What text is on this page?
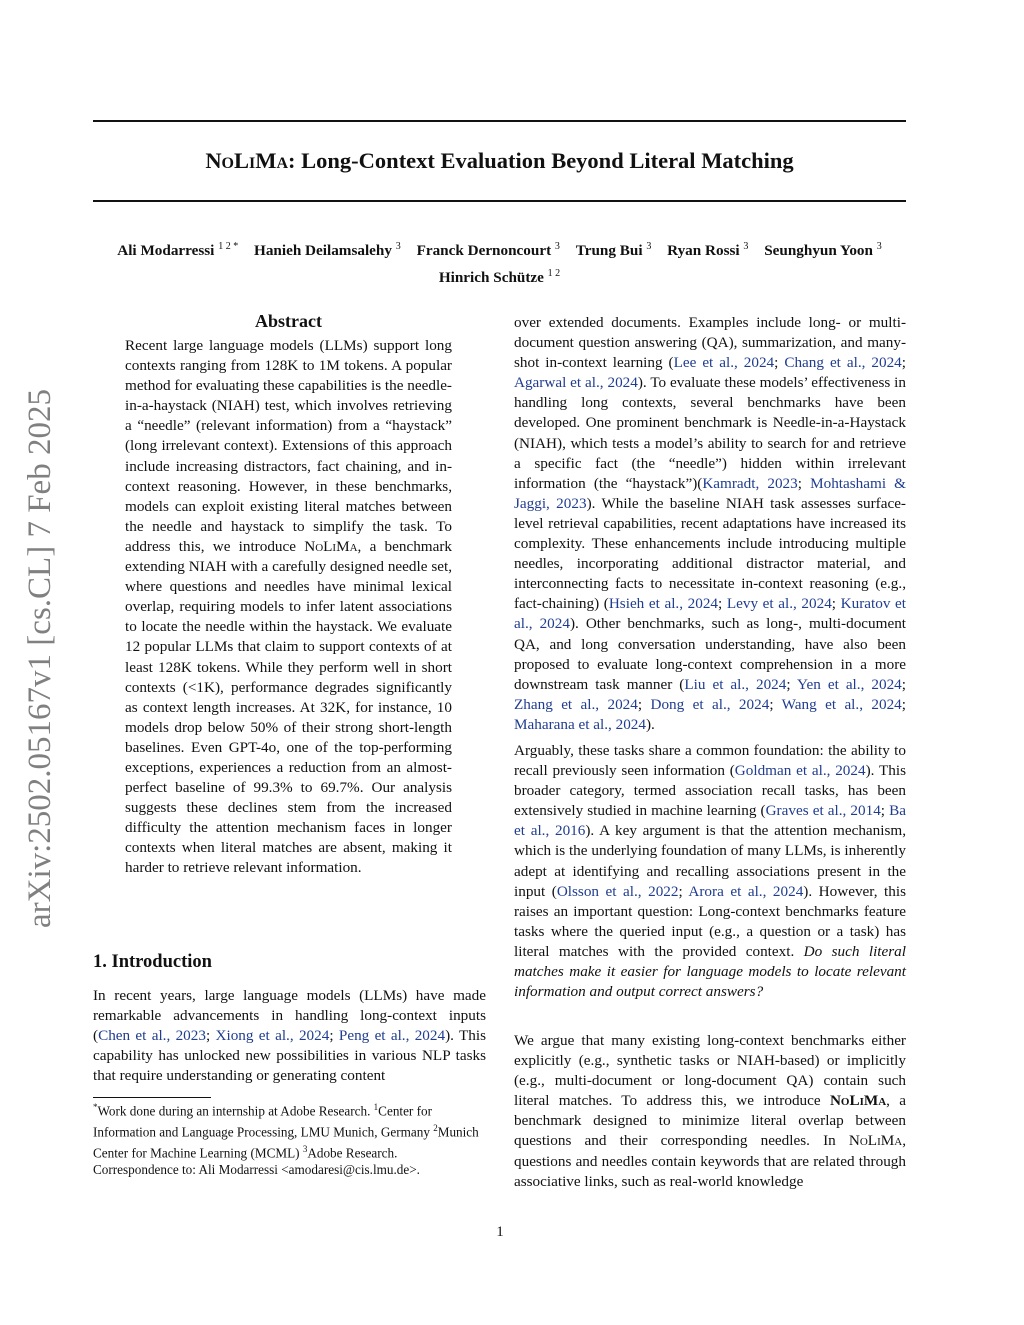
NoLiMa: Long-Context Evaluation Beyond Literal Matching
Ali Modarressi $^{1 2 *}$ Hanieh Deilamsalehy $^3$ Franck Dernoncourt $^3$ Trung Bui $^3$ Ryan Rossi $^3$ Seunghyun Yoon $^3$
Hinrich Schütze $^{1 2}$
arXiv:2502.05167v1 [cs.CL] 7 Feb 2025
Abstract
Recent large language models (LLMs) support long contexts ranging from 128K to 1M tokens. A popular method for evaluating these capabilities is the needle-in-a-haystack (NIAH) test, which involves retrieving a “needle” (relevant information) from a “haystack” (long irrelevant context). Extensions of this approach include increasing distractors, fact chaining, and in-context reasoning. However, in these benchmarks, models can exploit existing literal matches between the needle and haystack to simplify the task. To address this, we introduce NoLiMa, a benchmark extending NIAH with a carefully designed needle set, where questions and needles have minimal lexical overlap, requiring models to infer latent associations to locate the needle within the haystack. We evaluate 12 popular LLMs that claim to support contexts of at least 128K tokens. While they perform well in short contexts (<1K), performance degrades significantly as context length increases. At 32K, for instance, 10 models drop below 50% of their strong short-length baselines. Even GPT-4o, one of the top-performing exceptions, experiences a reduction from an almost-perfect baseline of 99.3% to 69.7%. Our analysis suggests these declines stem from the increased difficulty the attention mechanism faces in longer contexts when literal matches are absent, making it harder to retrieve relevant information.
1. Introduction
In recent years, large language models (LLMs) have made remarkable advancements in handling long-context inputs (Chen et al., 2023; Xiong et al., 2024; Peng et al., 2024). This capability has unlocked new possibilities in various NLP tasks that require understanding or generating content
*Work done during an internship at Adobe Research. $^1$Center for Information and Language Processing, LMU Munich, Germany $^2$Munich Center for Machine Learning (MCML) $^3$Adobe Research. Correspondence to: Ali Modarressi <amodaresi@cis.lmu.de>.
over extended documents. Examples include long- or multi-document question answering (QA), summarization, and many-shot in-context learning (Lee et al., 2024; Chang et al., 2024; Agarwal et al., 2024). To evaluate these models’ effectiveness in handling long contexts, several benchmarks have been developed. One prominent benchmark is Needle-in-a-Haystack (NIAH), which tests a model’s ability to search for and retrieve a specific fact (the “needle”) hidden within irrelevant information (the “haystack”)(Kamradt, 2023; Mohtashami & Jaggi, 2023). While the baseline NIAH task assesses surface-level retrieval capabilities, recent adaptations have increased its complexity. These enhancements include introducing multiple needles, incorporating additional distractor material, and interconnecting facts to necessitate in-context reasoning (e.g., fact-chaining) (Hsieh et al., 2024; Levy et al., 2024; Kuratov et al., 2024). Other benchmarks, such as long-, multi-document QA, and long conversation understanding, have also been proposed to evaluate long-context comprehension in a more downstream task manner (Liu et al., 2024; Yen et al., 2024; Zhang et al., 2024; Dong et al., 2024; Wang et al., 2024; Maharana et al., 2024).
Arguably, these tasks share a common foundation: the ability to recall previously seen information (Goldman et al., 2024). This broader category, termed association recall tasks, has been extensively studied in machine learning (Graves et al., 2014; Ba et al., 2016). A key argument is that the attention mechanism, which is the underlying foundation of many LLMs, is inherently adept at identifying and recalling associations present in the input (Olsson et al., 2022; Arora et al., 2024). However, this raises an important question: Long-context benchmarks feature tasks where the queried input (e.g., a question or a task) has literal matches with the provided context. Do such literal matches make it easier for language models to locate relevant information and output correct answers?
We argue that many existing long-context benchmarks either explicitly (e.g., synthetic tasks or NIAH-based) or implicitly (e.g., multi-document or long-document QA) contain such literal matches. To address this, we introduce NoLiMa, a benchmark designed to minimize literal overlap between questions and their corresponding needles. In NoLiMa, questions and needles contain keywords that are related through associative links, such as real-world knowledge
1
